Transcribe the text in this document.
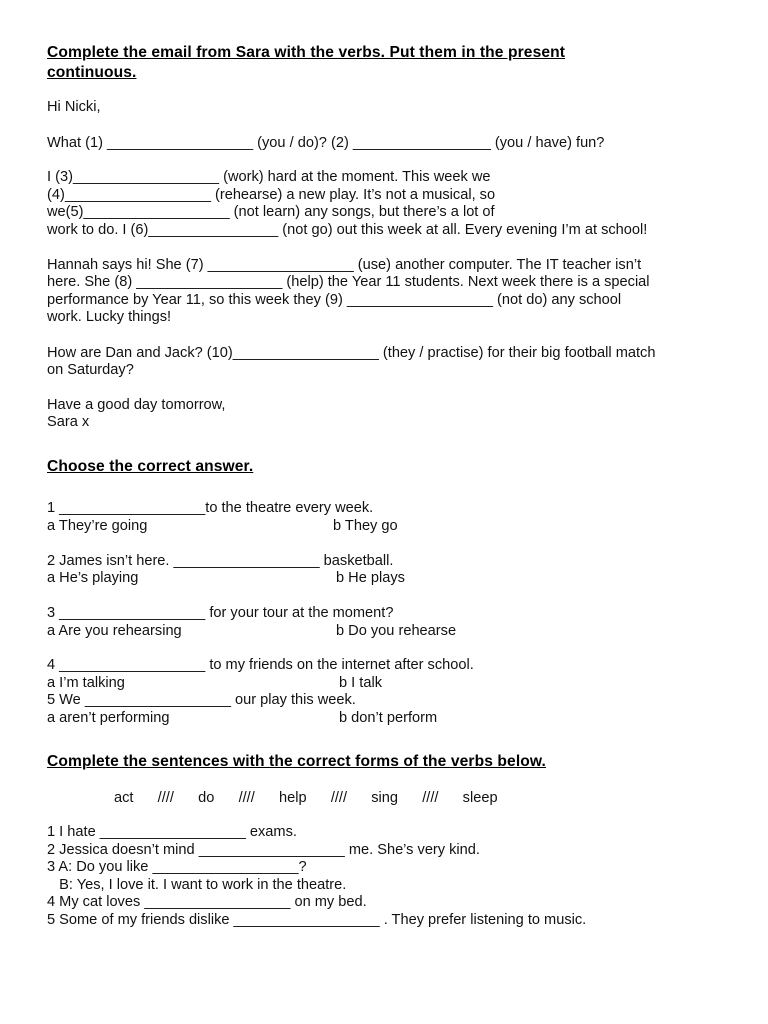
Complete the email from Sara with the verbs. Put them in the present
continuous.
Hi Nicki,
What (1) __________________ (you / do)? (2) _________________ (you / have) fun?
I (3)__________________ (work) hard at the moment. This week we
(4)__________________ (rehearse) a new play. It’s not a musical, so
we(5)__________________ (not learn) any songs, but there’s a lot of
work to do. I (6)________________ (not go) out this week at all. Every evening I’m at school!
Hannah says hi! She (7) __________________ (use) another computer. The IT teacher isn’t
here. She (8) __________________ (help) the Year 11 students. Next week there is a special
performance by Year 11, so this week they (9) __________________ (not do) any school
work. Lucky things!
How are Dan and Jack? (10)__________________ (they / practise) for their big football match
on Saturday?
Have a good day tomorrow,
Sara x
Choose the correct answer.
1 __________________to the theatre every week.
a They’re going	b They go
2 James isn’t here. __________________ basketball.
a He’s playing	b He plays
3 __________________ for your tour at the moment?
a Are you rehearsing	b Do you rehearse
4 __________________ to my friends on the internet after school.
a I’m talking	b I talk
5 We __________________ our play this week.
a aren’t performing	b don’t perform
Complete the sentences with the correct forms of the verbs below.
act    ////    do    ////    help    ////    sing    ////    sleep
1 I hate __________________ exams.
2 Jessica doesn’t mind __________________ me. She’s very kind.
3 A: Do you like __________________?
B: Yes, I love it. I want to work in the theatre.
4 My cat loves __________________ on my bed.
5 Some of my friends dislike __________________ . They prefer listening to music.
